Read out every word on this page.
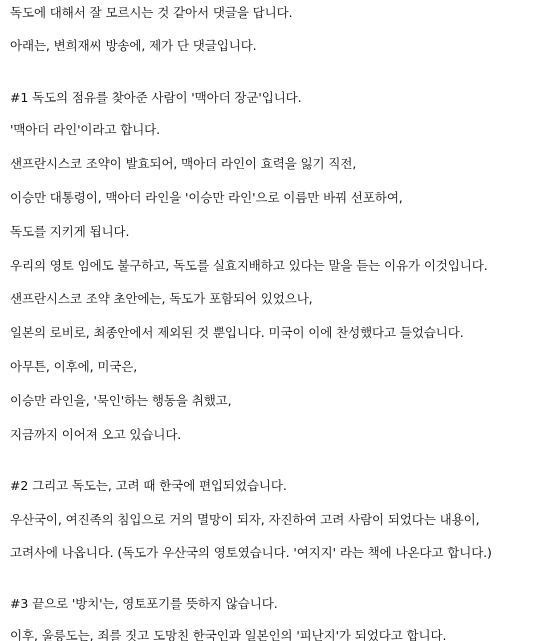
독도에 대해서 잘 모르시는 것 같아서 댓글을 답니다.
아래는, 변희재씨 방송에, 제가 단 댓글입니다.
#1 독도의 점유를 찾아준 사람이 '맥아더 장군'입니다.
'맥아더 라인'이라고 합니다.
샌프란시스코 조약이 발효되어, 맥아더 라인이 효력을 잃기 직전,
이승만 대통령이, 맥아더 라인을 '이승만 라인'으로 이름만 바꿔 선포하여,
독도를 지키게 됩니다.
우리의 영토 임에도 불구하고, 독도를 실효지배하고 있다는 말을 듣는 이유가 이것입니다.
샌프란시스코 조약 초안에는, 독도가 포함되어 있었으나,
일본의 로비로, 최종안에서 제외된 것 뿐입니다. 미국이 이에 찬성했다고 들었습니다.
아무튼, 이후에, 미국은,
이승만 라인을, '묵인'하는 행동을 취했고,
지금까지 이어져 오고 있습니다.
#2 그리고 독도는, 고려 때 한국에 편입되었습니다.
우산국이, 여진족의 침입으로 거의 멸망이 되자, 자진하여 고려 사람이 되었다는 내용이,
고려사에 나옵니다. (독도가 우산국의 영토였습니다. '여지지' 라는 책에 나온다고 합니다.)
#3 끝으로 '방치'는, 영토포기를 뜻하지 않습니다.
이후, 울릉도는, 죄를 짓고 도망친 한국인과 일본인의 '피난지'가 되었다고 합니다.
